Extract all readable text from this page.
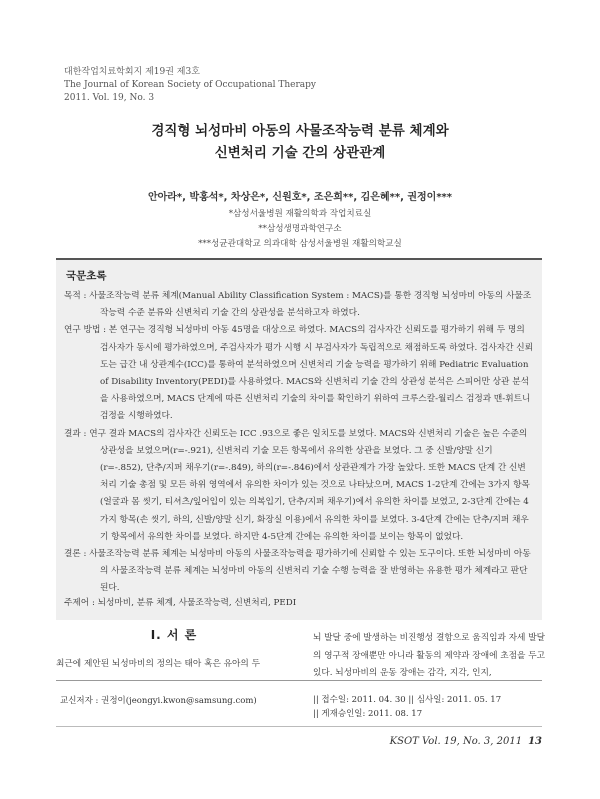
대한작업치료학회지 제19권 제3호
The Journal of Korean Society of Occupational Therapy
2011. Vol. 19, No. 3
경직형 뇌성마비 아동의 사물조작능력 분류 체계와
신변처리 기술 간의 상관관계
안아라*, 박홍석*, 차상은*, 신원호*, 조은희**, 김은혜**, 권정이***
*삼성서울병원 재활의학과 작업치료실
**삼성생명과학연구소
***성균관대학교 의과대학 삼성서울병원 재활의학교실
국문초록

목적 : 사물조작능력 분류 체계(Manual Ability Classification System : MACS)를 통한 경직형 뇌성마비 아동의 사물조작능력 수준 분류와 신변처리 기술 간의 상관성을 분석하고자 하였다.

연구 방법 : 본 연구는 경직형 뇌성마비 아동 45명을 대상으로 하였다. MACS의 검사자간 신뢰도를 평가하기 위해 두 명의 검사자가 동시에 평가하였으며, 주검사자가 평가 시행 시 부검사자가 독립적으로 채점하도록 하였다. 검사자간 신뢰도는 급간 내 상관계수(ICC)를 통하여 분석하였으며 신변처리 기술 능력을 평가하기 위해 Pediatric Evaluation of Disability Inventory(PEDI)를 사용하였다. MACS와 신변처리 기술 간의 상관성 분석은 스피어만 상관 분석을 사용하였으며, MACS 단계에 따른 신변처리 기술의 차이를 확인하기 위하여 크루스칼-월리스 검정과 맨-휘트니 검정을 시행하였다.

결과 : 연구 결과 MACS의 검사자간 신뢰도는 ICC .93으로 좋은 일치도를 보였다. MACS와 신변처리 기술은 높은 수준의 상관성을 보였으며(r=-.921), 신변처리 기술 모든 항목에서 유의한 상관을 보였다. 그 중 신발/양말 신기(r=-.852), 단추/지퍼 채우기(r=-.849), 하의(r=-.846)에서 상관관계가 가장 높았다. 또한 MACS 단계 간 신변처리 기술 총점 및 모든 하위 영역에서 유의한 차이가 있는 것으로 나타났으며, MACS 1-2단계 간에는 3가지 항목(얼굴과 몸 씻기, 티셔츠/잎어입이 있는 의복입기, 단추/지퍼 채우기)에서 유의한 차이를 보였고, 2-3단계 간에는 4가지 항목(손 씻기, 하의, 신발/양말 신기, 화장실 이용)에서 유의한 차이를 보였다. 3-4단계 간에는 단추/지퍼 채우기 항목에서 유의한 차이를 보였다. 하지만 4-5단계 간에는 유의한 차이를 보이는 항목이 없었다.

결론 : 사물조작능력 분류 체계는 뇌성마비 아동의 사물조작능력을 평가하기에 신뢰할 수 있는 도구이다. 또한 뇌성마비 아동의 사물조작능력 분류 체계는 뇌성마비 아동의 신변처리 기술 수행 능력을 잘 반영하는 유용한 평가 체계라고 판단된다.

주제어 : 뇌성마비, 분류 체계, 사물조작능력, 신변처리, PEDI
Ⅰ. 서 론
최근에 제안된 뇌성마비의 정의는 태아 혹은 유아의 두
뇌 발달 중에 발생하는 비진행성 결함으로 움직임과 자세 발달의 영구적 장애뿐만 아니라 활동의 제약과 장애에 초점을 두고 있다. 뇌성마비의 운동 장애는 감각, 지각, 인지,
교신저자 : 권정이(jeongyi.kwon@samsung.com)	|| 접수일: 2011. 04. 30 || 심사일: 2011. 05. 17
|| 게재승인일: 2011. 08. 17
KSOT Vol. 19, No. 3, 2011 13
